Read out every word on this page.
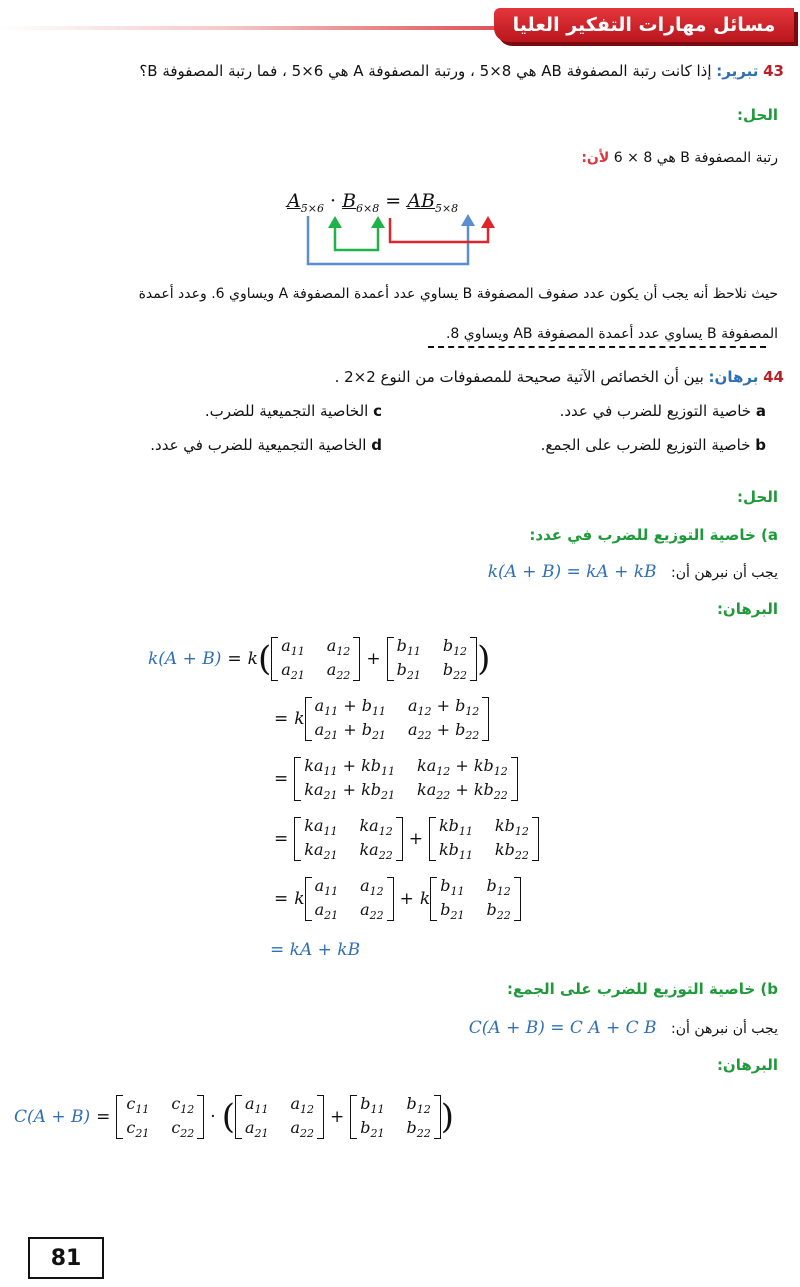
مسائل مهارات التفكير العليا
43 تبرير: إذا كانت رتبة المصفوفة AB هي 8×5 ، ورتبة المصفوفة A هي 6×5 ، فما رتبة المصفوفة B؟
الحل:
رتبة المصفوفة B هي 8 × 6 لأن:
$A_{5\times 6} \cdot B_{6\times 8} = AB_{5\times 8}$
حيث نلاحظ أنه يجب أن يكون عدد صفوف المصفوفة B يساوي عدد أعمدة المصفوفة A ويساوي 6. وعدد أعمدة
المصفوفة B يساوي عدد أعمدة المصفوفة AB ويساوي 8.
44 برهان: بين أن الخصائص الآتية صحيحة للمصفوفات من النوع 2×2 .
a خاصية التوزيع للضرب في عدد.
b خاصية التوزيع للضرب على الجمع.
c الخاصية التجميعية للضرب.
d الخاصية التجميعية للضرب في عدد.
الحل:
a) خاصية التوزيع للضرب في عدد:
يجب أن نبرهن أن: k(A + B) = kA + kB
البرهان:
k(A + B) = k ( $a_{11}$ $a_{12}$
$a_{21}$ $a_{22}$
+
$b_{11}$ $b_{12}$
$b_{21}$ $b_{22}$ )
= k
$a_{11} + b_{11}$ $a_{12} + b_{12}$
$a_{21} + b_{21}$ $a_{22} + b_{22}$
=
$ka_{11} + kb_{11}$ $ka_{12} + kb_{12}$
$ka_{21} + kb_{21}$ $ka_{22} + kb_{22}$
=
$ka_{11}$ $ka_{12}$
$ka_{21}$ $ka_{22}$
+
$kb_{11}$ $kb_{12}$
$kb_{11}$ $kb_{22}$
= k
$a_{11}$ $a_{12}$
$a_{21}$ $a_{22}$
+ k
$b_{11}$ $b_{12}$
$b_{21}$ $b_{22}$
= kA + kB
b) خاصية التوزيع للضرب على الجمع:
يجب أن نبرهن أن: C(A + B) = C A + C B
البرهان:
C(A + B) =
$c_{11}$ $c_{12}$
$c_{21}$ $c_{22}$
· ( $a_{11}$ $a_{12}$
$a_{21}$ $a_{22}$
+
$b_{11}$ $b_{12}$
$b_{21}$ $b_{22}$ )
81
